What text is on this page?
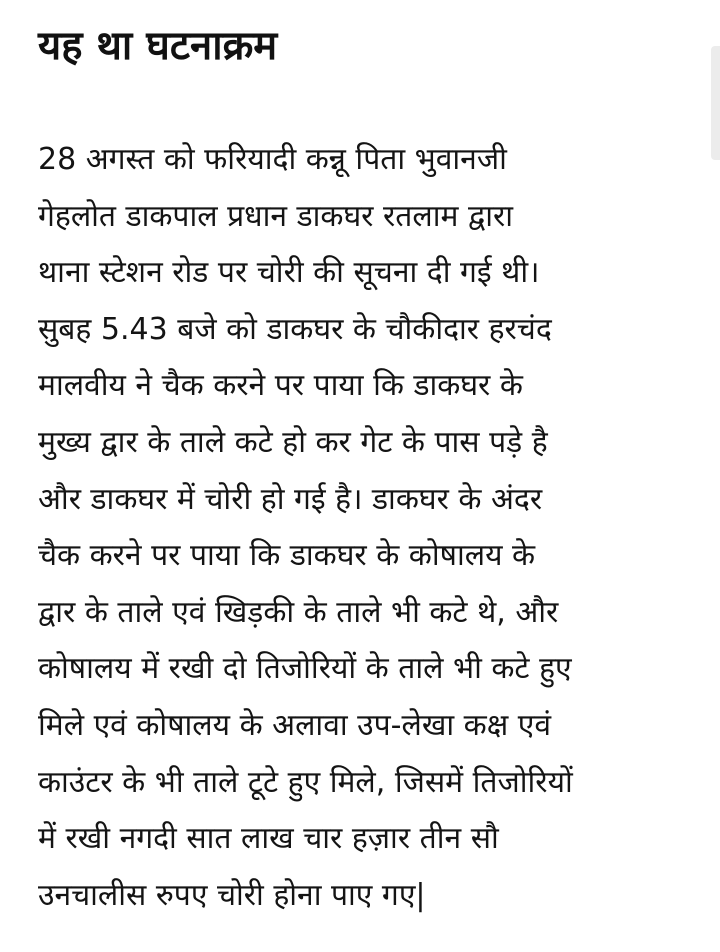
यह था घटनाक्रम
28 अगस्त को फरियादी कन्नू पिता भुवानजी
गेहलोत डाकपाल प्रधान डाकघर रतलाम द्वारा
थाना स्टेशन रोड पर चोरी की सूचना दी गई थी।
सुबह 5.43 बजे को डाकघर के चौकीदार हरचंद
मालवीय ने चैक करने पर पाया कि डाकघर के
मुख्य द्वार के ताले कटे हो कर गेट के पास पड़े है
और डाकघर में चोरी हो गई है। डाकघर के अंदर
चैक करने पर पाया कि डाकघर के कोषालय के
द्वार के ताले एवं खिड़की के ताले भी कटे थे, और
कोषालय में रखी दो तिजोरियों के ताले भी कटे हुए
मिले एवं कोषालय के अलावा उप-लेखा कक्ष एवं
काउंटर के भी ताले टूटे हुए मिले, जिसमें तिजोरियों
में रखी नगदी सात लाख चार हज़ार तीन सौ
उनचालीस रुपए चोरी होना पाए गए|
